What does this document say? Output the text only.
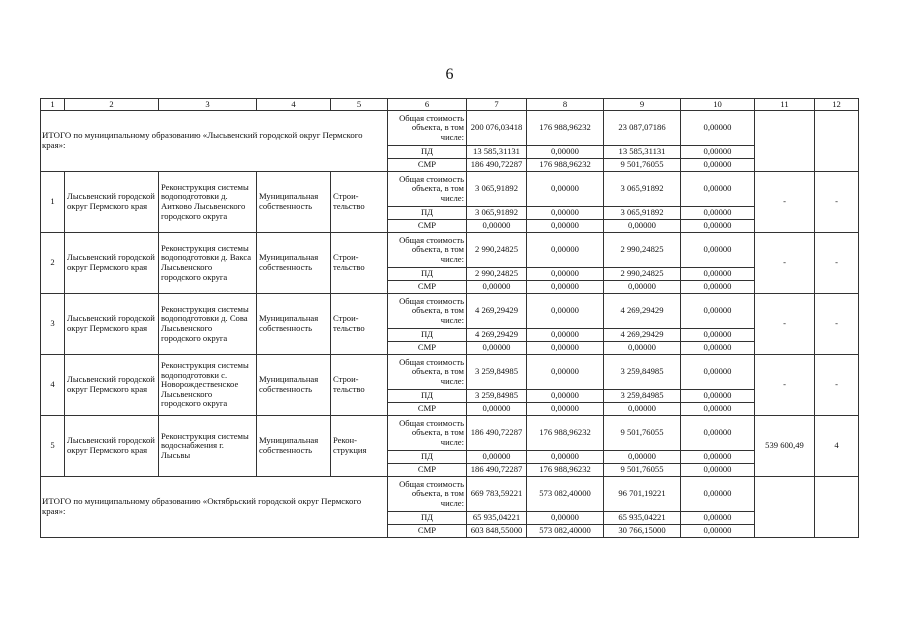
6
1	2	3	4	5	6	7	8	9	10	11	12
ИТОГО по муниципальному образованию «Лысьвенский городской округ Пермского края»:					Общая стоимость объекта, в том числе:	200 076,03418	176 988,96232	23 087,07186	0,00000		
					ПД	13 585,31131	0,00000	13 585,31131	0,00000		
					СМР	186 490,72287	176 988,96232	9 501,76055	0,00000		
1	Лысьвенский городской округ Пермского края	Реконструкция системы водоподготовки д. Аитково Лысьвенского городского округа	Муниципальная собственность	Строи-тельство	Общая стоимость объекта, в том числе:	3 065,91892	0,00000	3 065,91892	0,00000	-	-
					ПД	3 065,91892	0,00000	3 065,91892	0,00000		
					СМР	0,00000	0,00000	0,00000	0,00000		
2	Лысьвенский городской округ Пермского края	Реконструкция системы водоподготовки д. Вакса Лысьвенского городского округа	Муниципальная собственность	Строи-тельство	Общая стоимость объекта, в том числе:	2 990,24825	0,00000	2 990,24825	0,00000	-	-
					ПД	2 990,24825	0,00000	2 990,24825	0,00000		
					СМР	0,00000	0,00000	0,00000	0,00000		
3	Лысьвенский городской округ Пермского края	Реконструкция системы водоподготовки д. Сова Лысьвенского городского округа	Муниципальная собственность	Строи-тельство	Общая стоимость объекта, в том числе:	4 269,29429	0,00000	4 269,29429	0,00000	-	-
					ПД	4 269,29429	0,00000	4 269,29429	0,00000		
					СМР	0,00000	0,00000	0,00000	0,00000		
4	Лысьвенский городской округ Пермского края	Реконструкция системы водоподготовки с. Новорождественское Лысьвенского городского округа	Муниципальная собственность	Строи-тельство	Общая стоимость объекта, в том числе:	3 259,84985	0,00000	3 259,84985	0,00000	-	-
					ПД	3 259,84985	0,00000	3 259,84985	0,00000		
					СМР	0,00000	0,00000	0,00000	0,00000		
5	Лысьвенский городской округ Пермского края	Реконструкция системы водоснабжения г. Лысьвы	Муниципальная собственность	Рекон-струкция	Общая стоимость объекта, в том числе:	186 490,72287	176 988,96232	9 501,76055	0,00000	539 600,49	4
					ПД	0,00000	0,00000	0,00000	0,00000		
					СМР	186 490,72287	176 988,96232	9 501,76055	0,00000		
ИТОГО по муниципальному образованию «Октябрьский городской округ Пермского края»:					Общая стоимость объекта, в том числе:	669 783,59221	573 082,40000	96 701,19221	0,00000		
					ПД	65 935,04221	0,00000	65 935,04221	0,00000		
					СМР	603 848,55000	573 082,40000	30 766,15000	0,00000		
